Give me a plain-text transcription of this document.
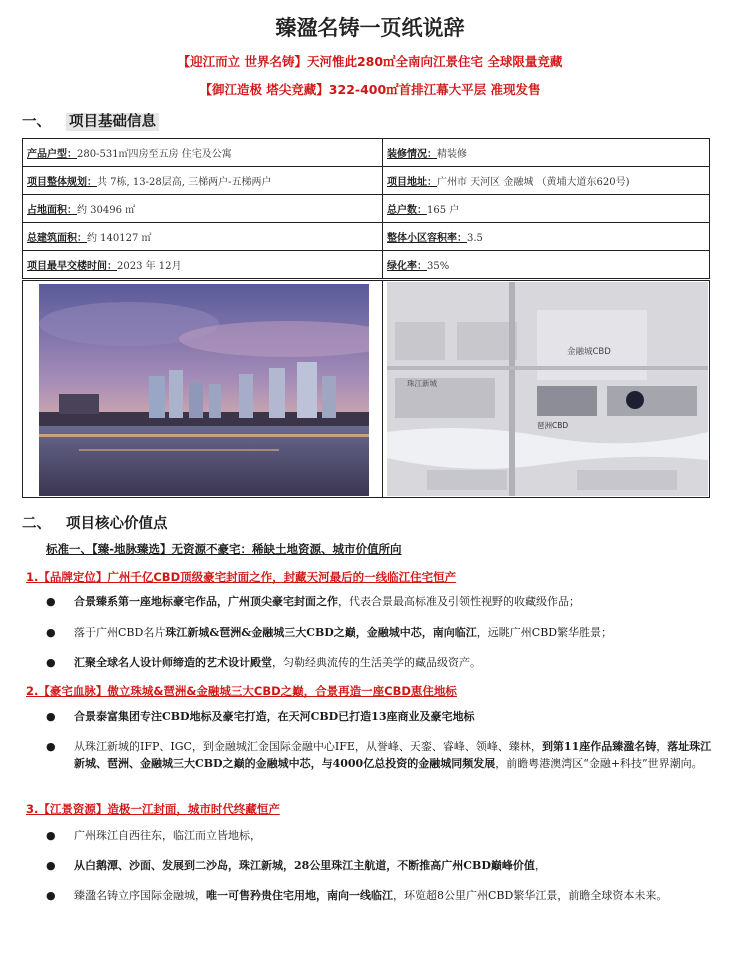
臻溋名铸一页纸说辞
【迎江而立 世界名铸】天河惟此280㎡全南向江景住宅 全球限量竞藏
【御江造极 塔尖竞藏】322-400㎡首排江幕大平层 准现发售
一、 项目基础信息
产品户型：280-531㎡四房至五房 住宅及公寓	装修情况：精装修
项目整体规划：共 7栋, 13-28层高, 三梯两户-五梯两户	项目地址：广州市 天河区 金融城 （黄埔大道东620号)
占地面积：约 30496 ㎡	总户数：165 户
总建筑面积：约 140127 ㎡	整体小区容积率：3.5
项目最早交楼时间：2023 年 12月	绿化率：35%
金融城CBD
珠江新城
琶洲CBD
二、 项目核心价值点
标准一、【臻-地脉臻选】无资源不豪宅：稀缺土地资源、城市价值所向
1.【品牌定位】广州千亿CBD顶级豪宅封面之作，封藏天河最后的一线临江住宅恒产
● 合景臻系第一座地标豪宅作品，广州顶尖豪宅封面之作，代表合景最高标准及引领性视野的收藏级作品；
● 落于广州CBD名片珠江新城&琶洲&金融城三大CBD之巅，金融城中芯，南向临江，远眺广州CBD繁华胜景；
● 汇聚全球名人设计师缔造的艺术设计殿堂，匀勒经典流传的生活美学的藏品级资产。
2.【豪宅血脉】傲立珠城&琶洲&金融城三大CBD之巅，合景再造一座CBD恵住地标
● 合景泰富集团专注CBD地标及豪宅打造，在天河CBD已打造13座商业及豪宅地标
● 从珠江新城的IFP、IGC，到金融城汇金国际金融中心IFE，从誉峰、天銮、睿峰、领峰、臻林，到第11座作品臻溋名铸，落址珠江新城、琶洲、金融城三大CBD之巅的金融城中芯，与4000亿总投资的金融城同频发展，前瞻粤港澳湾区“金融+科技”世界潮向。
3.【江景资源】造极一江封面，城市时代终藏恒产
● 广州珠江自西往东，临江而立皆地标，
● 从白鹅潭、沙面、发展到二沙岛，珠江新城，28公里珠江主航道，不断推高广州CBD巅峰价值，
● 臻溋名铸立序国际金融城，唯一可售矜贵住宅用地，南向一线临江，环览超8公里广州CBD繁华江景，前瞻全球资本未来。
